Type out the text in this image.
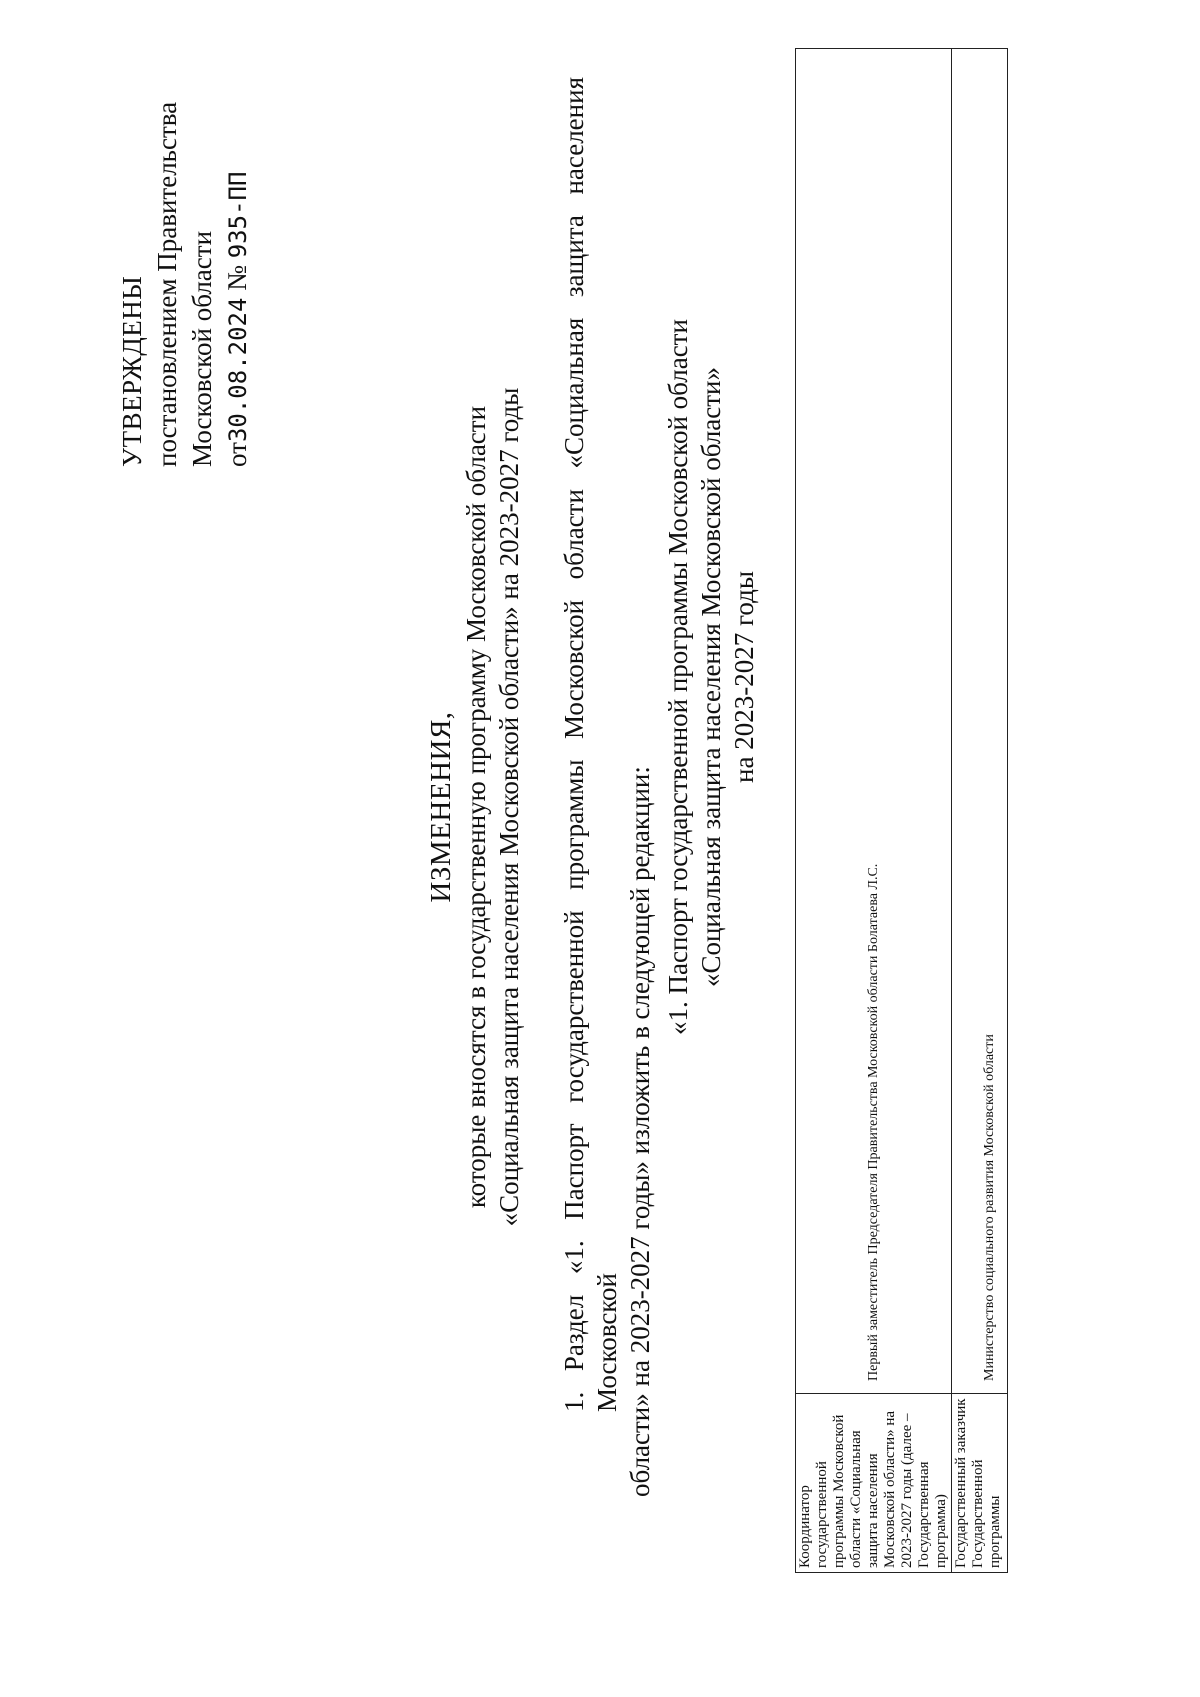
УТВЕРЖДЕНЫ постановлением Правительства Московской области от30.08.2024 № 935-ПП
ИЗМЕНЕНИЯ, которые вносятся в государственную программу Московской области «Социальная защита населения Московской области» на 2023-2027 годы 1. Раздел «1. Паспорт государственной программы Московской области «Социальная защита населения Московской области» на 2023-2027 годы» изложить в следующей редакции:
«1. Паспорт государственной программы Московской области «Социальная защита населения Московской области» на 2023-2027 годы
Координатор государственной программы Московской области «Социальная защита населения Московской области» на 2023-2027 годы (далее – Государственная программа)	Первый заместитель Председателя Правительства Московской области Болатаева Л.С.
Государственный заказчик Государственной программы	Министерство социального развития Московской области
